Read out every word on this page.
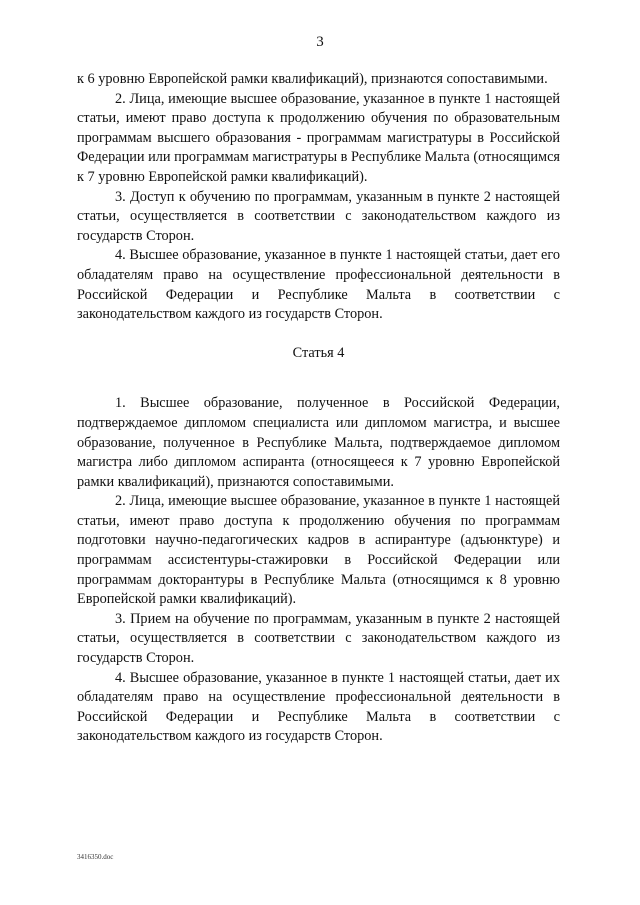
3

к 6 уровню Европейской рамки квалификаций), признаются сопоставимыми.

2. Лица, имеющие высшее образование, указанное в пункте 1 настоящей статьи, имеют право доступа к продолжению обучения по образовательным программам высшего образования - программам магистратуры в Российской Федерации или программам магистратуры в Республике Мальта (относящимся к 7 уровню Европейской рамки квалификаций).

3. Доступ к обучению по программам, указанным в пункте 2 настоящей статьи, осуществляется в соответствии с законодательством каждого из государств Сторон.

4. Высшее образование, указанное в пункте 1 настоящей статьи, дает его обладателям право на осуществление профессиональной деятельности в Российской Федерации и Республике Мальта в соответствии с законодательством каждого из государств Сторон.

Статья 4

1. Высшее образование, полученное в Российской Федерации, подтверждаемое дипломом специалиста или дипломом магистра, и высшее образование, полученное в Республике Мальта, подтверждаемое дипломом магистра либо дипломом аспиранта (относящееся к 7 уровню Европейской рамки квалификаций), признаются сопоставимыми.

2. Лица, имеющие высшее образование, указанное в пункте 1 настоящей статьи, имеют право доступа к продолжению обучения по программам подготовки научно-педагогических кадров в аспирантуре (адъюнктуре) и программам ассистентуры-стажировки в Российской Федерации или программам докторантуры в Республике Мальта (относящимся к 8 уровню Европейской рамки квалификаций).

3. Прием на обучение по программам, указанным в пункте 2 настоящей статьи, осуществляется в соответствии с законодательством каждого из государств Сторон.

4. Высшее образование, указанное в пункте 1 настоящей статьи, дает их обладателям право на осуществление профессиональной деятельности в Российской Федерации и Республике Мальта в соответствии с законодательством каждого из государств Сторон.

3416350.doc
